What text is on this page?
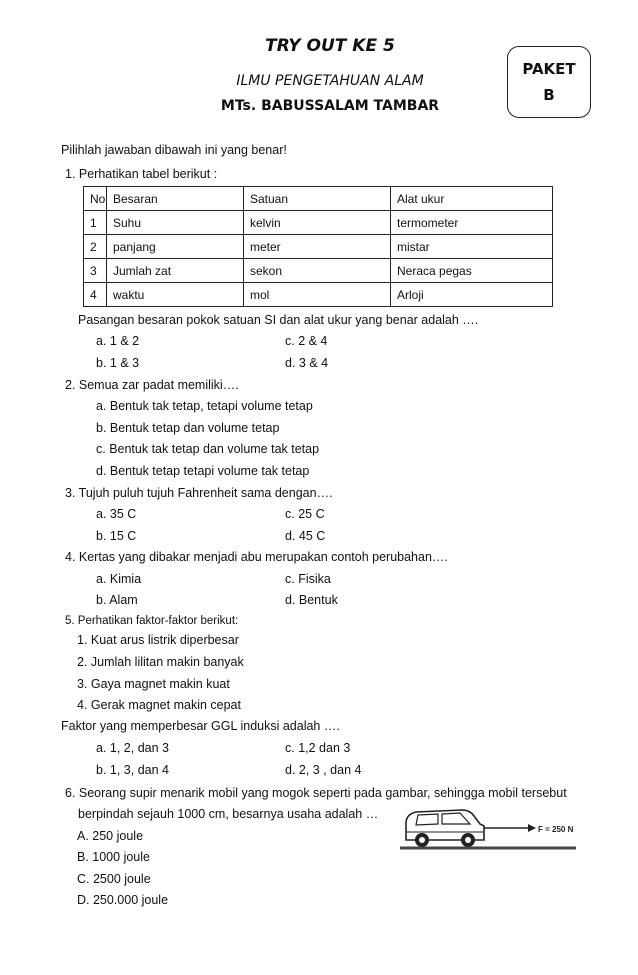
TRY OUT KE 5
ILMU PENGETAHUAN ALAM
MTs. BABUSSALAM TAMBAR
PAKET
B
Pilihlah jawaban dibawah ini yang benar!
1. Perhatikan tabel berikut :
No	Besaran	Satuan	Alat ukur
1	Suhu	kelvin	termometer
2	panjang	meter	mistar
3	Jumlah zat	sekon	Neraca pegas
4	waktu	mol	Arloji
Pasangan besaran pokok satuan SI dan alat ukur yang benar adalah ….
a. 1 & 2	c. 2 & 4
b. 1 & 3	d. 3 & 4
2. Semua zar padat memiliki….
a. Bentuk tak tetap, tetapi volume tetap
b. Bentuk tetap dan volume tetap
c. Bentuk tak tetap dan volume tak tetap
d. Bentuk tetap tetapi volume tak tetap
3. Tujuh puluh tujuh Fahrenheit sama dengan….
a. 35 C	c. 25 C
b. 15 C	d. 45 C
4. Kertas yang dibakar menjadi abu merupakan contoh perubahan….
a. Kimia	c. Fisika
b. Alam	d. Bentuk
5. Perhatikan faktor-faktor berikut:
1. Kuat arus listrik diperbesar
2. Jumlah lilitan makin banyak
3. Gaya magnet makin kuat
4. Gerak magnet makin cepat
Faktor yang memperbesar GGL induksi adalah ….
a. 1, 2, dan 3	c. 1,2 dan 3
b. 1, 3, dan 4	d. 2, 3 , dan 4
6. Seorang supir menarik mobil yang mogok seperti pada gambar, sehingga mobil tersebut
berpindah sejauh 1000 cm, besarnya usaha adalah …
A. 250 joule
B. 1000 joule
C. 2500 joule
D. 250.000 joule
F = 250 N
